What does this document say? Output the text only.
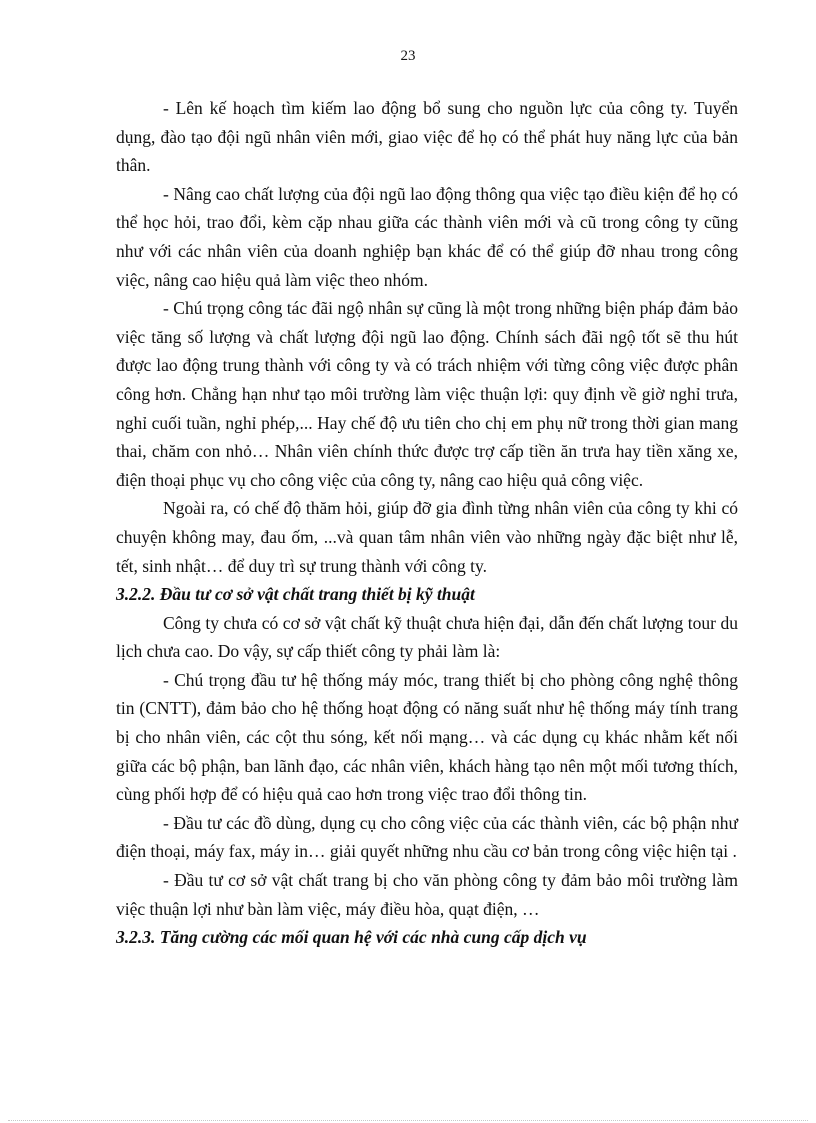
23

- Lên kế hoạch tìm kiếm lao động bổ sung cho nguồn lực của công ty. Tuyển dụng, đào tạo đội ngũ nhân viên mới, giao việc để họ có thể phát huy năng lực của bản thân.

- Nâng cao chất lượng của đội ngũ lao động thông qua việc tạo điều kiện để họ có thể học hỏi, trao đổi, kèm cặp nhau giữa các thành viên mới và cũ trong công ty cũng như với các nhân viên của doanh nghiệp bạn khác để có thể giúp đỡ nhau trong công việc, nâng cao hiệu quả làm việc theo nhóm.

- Chú trọng công tác đãi ngộ nhân sự cũng là một trong những biện pháp đảm bảo việc tăng số lượng và chất lượng đội ngũ lao động. Chính sách đãi ngộ tốt sẽ thu hút được lao động trung thành với công ty và có trách nhiệm với từng công việc được phân công hơn. Chẳng hạn như tạo môi trường làm việc thuận lợi: quy định về giờ nghỉ trưa, nghỉ cuối tuần, nghỉ phép,... Hay chế độ ưu tiên cho chị em phụ nữ trong thời gian mang thai, chăm con nhỏ… Nhân viên chính thức được trợ cấp tiền ăn trưa hay tiền xăng xe, điện thoại phục vụ cho công việc của công ty, nâng cao hiệu quả công việc.

Ngoài ra, có chế độ thăm hỏi, giúp đỡ gia đình từng nhân viên của công ty khi có chuyện không may, đau ốm, ...và quan tâm nhân viên vào những ngày đặc biệt như lễ, tết, sinh nhật… để duy trì sự trung thành với công ty.

3.2.2. Đầu tư cơ sở vật chất trang thiết bị kỹ thuật

Công ty chưa có cơ sở vật chất kỹ thuật chưa hiện đại, dẫn đến chất lượng tour du lịch chưa cao. Do vậy, sự cấp thiết công ty phải làm là:

- Chú trọng đầu tư hệ thống máy móc, trang thiết bị cho phòng công nghệ thông tin (CNTT), đảm bảo cho hệ thống hoạt động có năng suất như hệ thống máy tính trang bị cho nhân viên, các cột thu sóng, kết nối mạng… và các dụng cụ khác nhằm kết nối giữa các bộ phận, ban lãnh đạo, các nhân viên, khách hàng tạo nên một mối tương thích, cùng phối hợp để có hiệu quả cao hơn trong việc trao đổi thông tin.

- Đầu tư các đồ dùng, dụng cụ cho công việc của các thành viên, các bộ phận như điện thoại, máy fax, máy in… giải quyết những nhu cầu cơ bản trong công việc hiện tại .

- Đầu tư cơ sở vật chất trang bị cho văn phòng công ty đảm bảo môi trường làm việc thuận lợi như bàn làm việc, máy điều hòa, quạt điện, …

3.2.3. Tăng cường các mối quan hệ với các nhà cung cấp dịch vụ
